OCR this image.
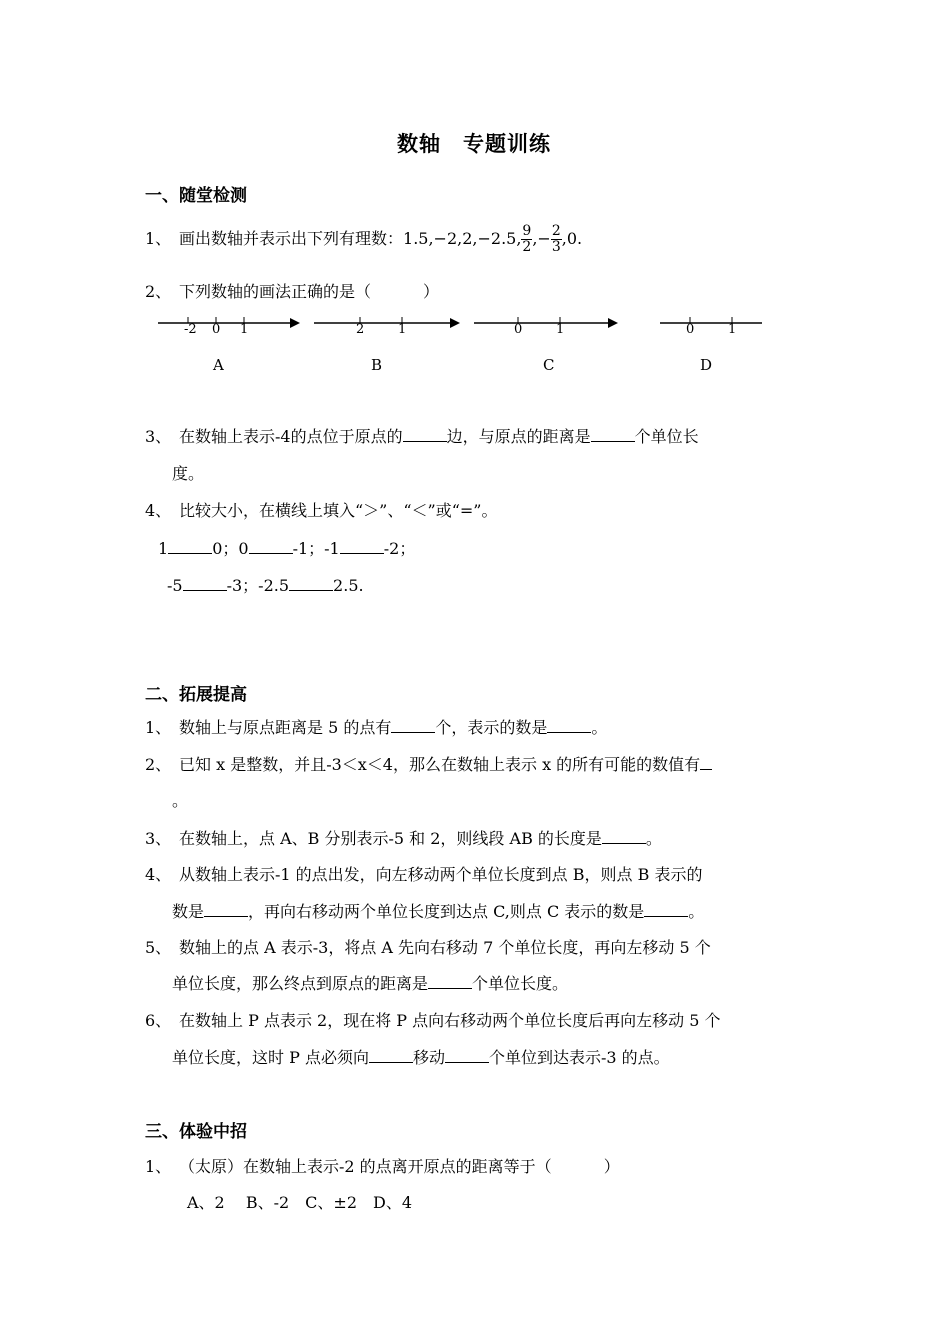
数轴　专题训练
一、随堂检测
1、 画出数轴并表示出下列有理数：1.5,−2,2,−2.5, $\frac{9}{2}$ ,− $\frac{2}{3} ,0$.
2、 下列数轴的画法正确的是（	）
-2 0 1	2	1	0	1	0	1
A	B	C	D
3、 在数轴上表示-4的点位于原点的	边，与原点的距离是	个单位长
度。
4、 比较大小，在横线上填入“＞”、“＜”或“=”。
1	0；0	-1；-1	-2；
-5	-3；-2.5	2.5.
二、拓展提高
1、 数轴上与原点距离是 5 的点有	个，表示的数是	。
2、 已知 x 是整数，并且-3＜x＜4，那么在数轴上表示 x 的所有可能的数值有
。
3、 在数轴上，点 A、B 分别表示-5 和 2，则线段 AB 的长度是	。
4、 从数轴上表示-1 的点出发，向左移动两个单位长度到点 B，则点 B 表示的
数是	，再向右移动两个单位长度到达点 C,则点 C 表示的数是	。
5、 数轴上的点 A 表示-3，将点 A 先向右移动 7 个单位长度，再向左移动 5 个
单位长度，那么终点到原点的距离是	个单位长度。
6、 在数轴上 P 点表示 2，现在将 P 点向右移动两个单位长度后再向左移动 5 个
单位长度，这时 P 点必须向	移动	个单位到达表示-3 的点。
三、体验中招
1、 （太原）在数轴上表示-2 的点离开原点的距离等于（	）
A、2　 B、-2　C、±2　D、4
